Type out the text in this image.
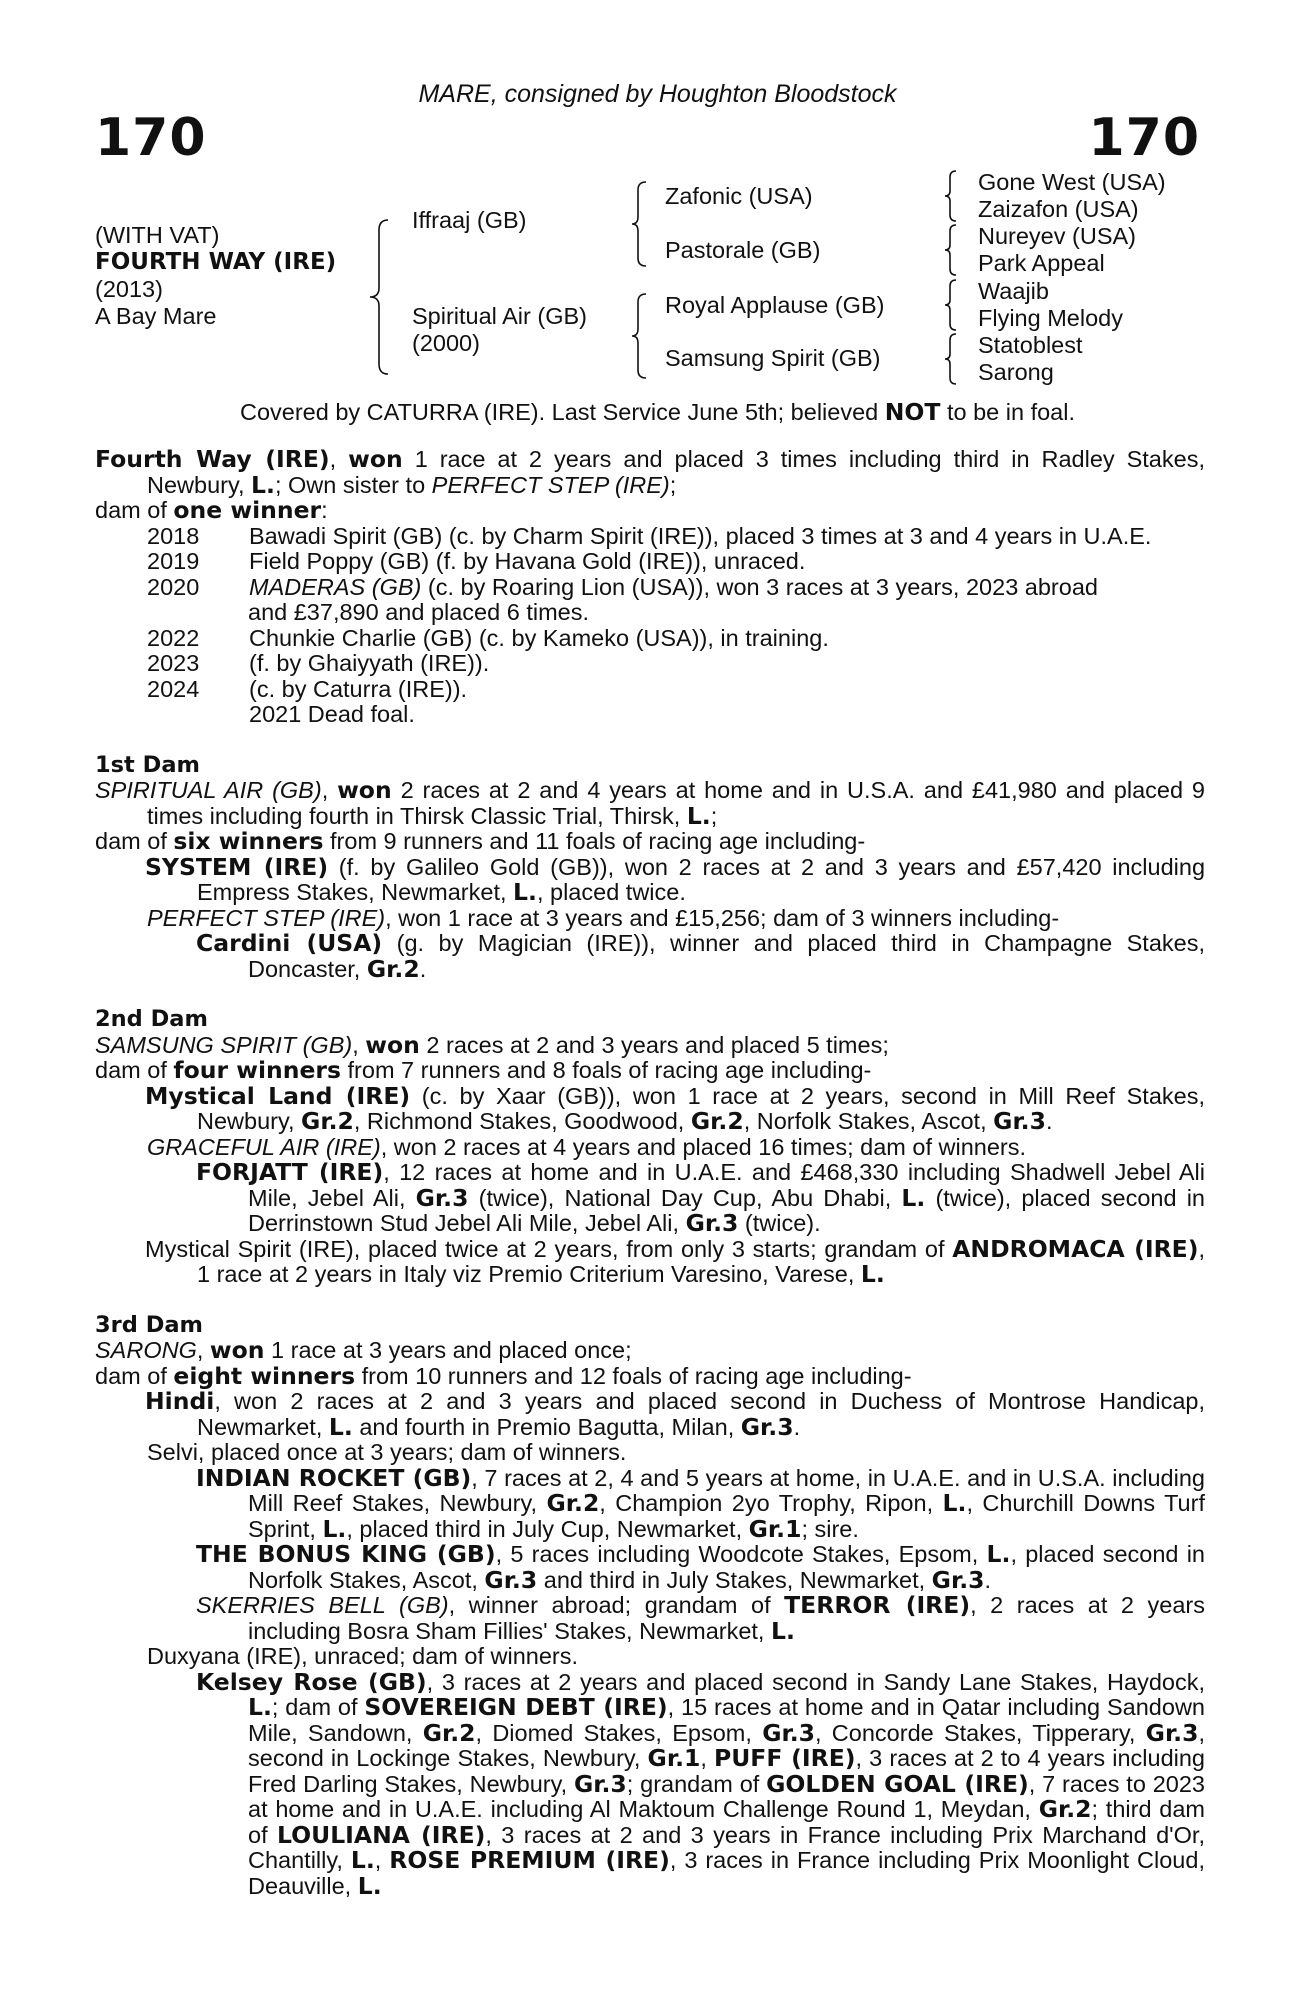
170
MARE, consigned by Houghton Bloodstock
170
(WITH VAT)
FOURTH WAY (IRE)
(2013)
A Bay Mare
Iffraaj (GB)
Spiritual Air (GB)
(2000)
Zafonic (USA)
Pastorale (GB)
Royal Applause (GB)
Samsung Spirit (GB)
Gone West (USA)
Zaizafon (USA)
Nureyev (USA)
Park Appeal
Waajib
Flying Melody
Statoblest
Sarong
Covered by CATURRA (IRE). Last Service June 5th; believed NOT to be in foal.

Fourth Way (IRE), won 1 race at 2 years and placed 3 times including third in Radley Stakes, Newbury, L.; Own sister to PERFECT STEP (IRE);

dam of one winner:

2018 Bawadi Spirit (GB) (c. by Charm Spirit (IRE)), placed 3 times at 3 and 4 years in U.A.E.

2019 Field Poppy (GB) (f. by Havana Gold (IRE)), unraced.

2020 MADERAS (GB) (c. by Roaring Lion (USA)), won 3 races at 3 years, 2023 abroad

and £37,890 and placed 6 times.

2022 Chunkie Charlie (GB) (c. by Kameko (USA)), in training.

2023 (f. by Ghaiyyath (IRE)).

2024 (c. by Caturra (IRE)).

2021 Dead foal.

1st Dam

SPIRITUAL AIR (GB), won 2 races at 2 and 4 years at home and in U.S.A. and £41,980 and placed 9 times including fourth in Thirsk Classic Trial, Thirsk, L.;

dam of six winners from 9 runners and 11 foals of racing age including-

SYSTEM (IRE) (f. by Galileo Gold (GB)), won 2 races at 2 and 3 years and £57,420 including Empress Stakes, Newmarket, L., placed twice.

PERFECT STEP (IRE), won 1 race at 3 years and £15,256; dam of 3 winners including-

Cardini (USA) (g. by Magician (IRE)), winner and placed third in Champagne Stakes, Doncaster, Gr.2.

2nd Dam

SAMSUNG SPIRIT (GB), won 2 races at 2 and 3 years and placed 5 times;

dam of four winners from 7 runners and 8 foals of racing age including-

Mystical Land (IRE) (c. by Xaar (GB)), won 1 race at 2 years, second in Mill Reef Stakes, Newbury, Gr.2, Richmond Stakes, Goodwood, Gr.2, Norfolk Stakes, Ascot, Gr.3.

GRACEFUL AIR (IRE), won 2 races at 4 years and placed 16 times; dam of winners.

FORJATT (IRE), 12 races at home and in U.A.E. and £468,330 including Shadwell Jebel Ali Mile, Jebel Ali, Gr.3 (twice), National Day Cup, Abu Dhabi, L. (twice), placed second in Derrinstown Stud Jebel Ali Mile, Jebel Ali, Gr.3 (twice).

Mystical Spirit (IRE), placed twice at 2 years, from only 3 starts; grandam of ANDROMACA (IRE), 1 race at 2 years in Italy viz Premio Criterium Varesino, Varese, L.

3rd Dam

SARONG, won 1 race at 3 years and placed once;

dam of eight winners from 10 runners and 12 foals of racing age including-

Hindi, won 2 races at 2 and 3 years and placed second in Duchess of Montrose Handicap, Newmarket, L. and fourth in Premio Bagutta, Milan, Gr.3.

Selvi, placed once at 3 years; dam of winners.

INDIAN ROCKET (GB), 7 races at 2, 4 and 5 years at home, in U.A.E. and in U.S.A. including Mill Reef Stakes, Newbury, Gr.2, Champion 2yo Trophy, Ripon, L., Churchill Downs Turf Sprint, L., placed third in July Cup, Newmarket, Gr.1; sire.

THE BONUS KING (GB), 5 races including Woodcote Stakes, Epsom, L., placed second in Norfolk Stakes, Ascot, Gr.3 and third in July Stakes, Newmarket, Gr.3.

SKERRIES BELL (GB), winner abroad; grandam of TERROR (IRE), 2 races at 2 years including Bosra Sham Fillies' Stakes, Newmarket, L.

Duxyana (IRE), unraced; dam of winners.

Kelsey Rose (GB), 3 races at 2 years and placed second in Sandy Lane Stakes, Haydock, L.; dam of SOVEREIGN DEBT (IRE), 15 races at home and in Qatar including Sandown Mile, Sandown, Gr.2, Diomed Stakes, Epsom, Gr.3, Concorde Stakes, Tipperary, Gr.3, second in Lockinge Stakes, Newbury, Gr.1, PUFF (IRE), 3 races at 2 to 4 years including Fred Darling Stakes, Newbury, Gr.3; grandam of GOLDEN GOAL (IRE), 7 races to 2023 at home and in U.A.E. including Al Maktoum Challenge Round 1, Meydan, Gr.2; third dam of LOULIANA (IRE), 3 races at 2 and 3 years in France including Prix Marchand d'Or, Chantilly, L., ROSE PREMIUM (IRE), 3 races in France including Prix Moonlight Cloud, Deauville, L.
